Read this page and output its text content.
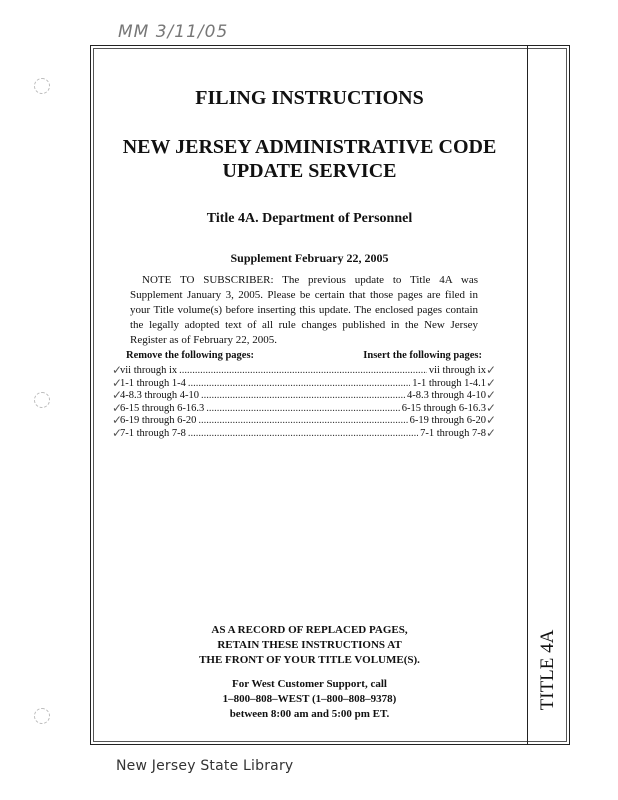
MM 3/11/05
TITLE 4A
FILING INSTRUCTIONS
NEW JERSEY ADMINISTRATIVE CODE
UPDATE SERVICE
Title 4A. Department of Personnel
Supplement February 22, 2005
NOTE TO SUBSCRIBER: The previous update to Title 4A was Supplement January 3, 2005. Please be certain that those pages are filed in your Title volume(s) before inserting this update. The enclosed pages contain the legally adopted text of all rule changes published in the New Jersey Register as of February 22, 2005.
Remove the following pages:	Insert the following pages:
vii through ix .....	vii through ix
1-1 through 1-4 .....	1-1 through 1-4.1
4-8.3 through 4-10 .....	4-8.3 through 4-10
6-15 through 6-16.3 .....	6-15 through 6-16.3
6-19 through 6-20 .....	6-19 through 6-20
7-1 through 7-8 .....	7-1 through 7-8
✓
✓
✓
✓
✓
✓
✓
✓
✓
✓
✓
✓
AS A RECORD OF REPLACED PAGES,
RETAIN THESE INSTRUCTIONS AT
THE FRONT OF YOUR TITLE VOLUME(S).
For West Customer Support, call
1–800–808–WEST (1–800–808–9378)
between 8:00 am and 5:00 pm ET.
New Jersey State Library
